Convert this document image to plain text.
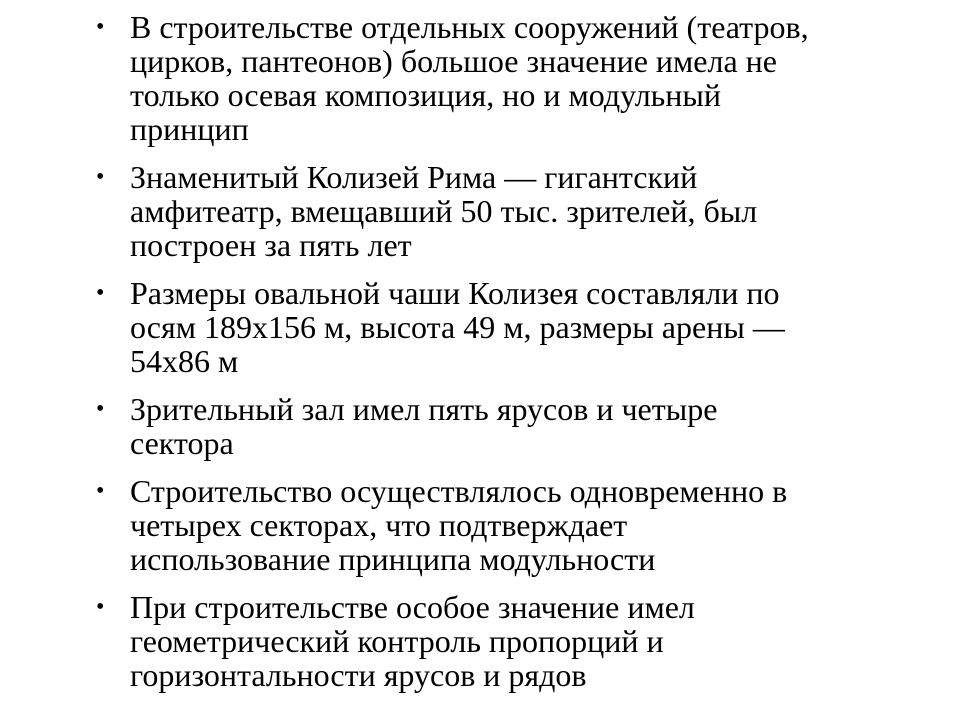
• В строительстве отдельных сооружений (театров,
цирков, пантеонов) большое значение имела не
только осевая композиция, но и модульный
принцип
• Знаменитый Колизей Рима — гигантский
амфитеатр, вмещавший 50 тыс. зрителей, был
построен за пять лет
• Размеры овальной чаши Колизея составляли по
осям 189х156 м, высота 49 м, размеры арены —
54х86 м
• Зрительный зал имел пять ярусов и четыре
сектора
• Строительство осуществлялось одновременно в
четырех секторах, что подтверждает
использование принципа модульности
• При строительстве особое значение имел
геометрический контроль пропорций и
горизонтальности ярусов и рядов
